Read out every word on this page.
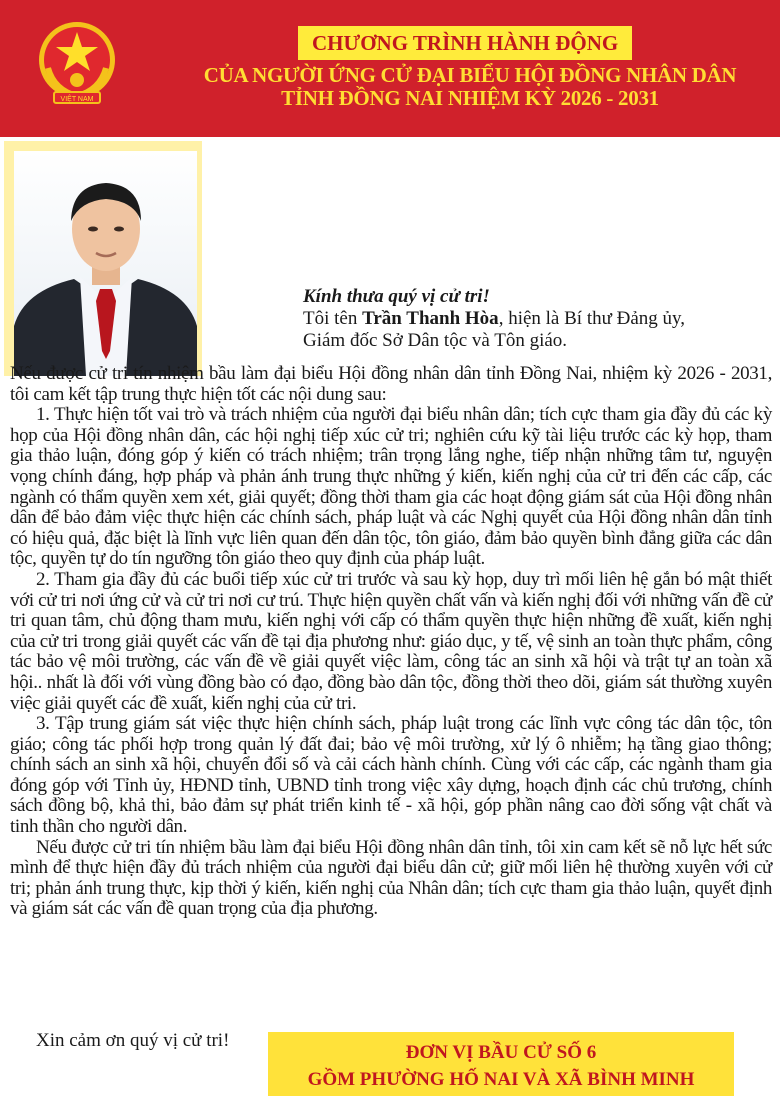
VIỆT NAM
CHƯƠNG TRÌNH HÀNH ĐỘNG
CỦA NGƯỜI ỨNG CỬ ĐẠI BIỂU HỘI ĐỒNG NHÂN DÂN
TỈNH ĐỒNG NAI NHIỆM KỲ 2026 - 2031
Kính thưa quý vị cử tri!
Tôi tên Trần Thanh Hòa, hiện là Bí thư Đảng ủy,
Giám đốc Sở Dân tộc và Tôn giáo.

Nếu được cử tri tín nhiệm bầu làm đại biểu Hội đồng nhân dân tỉnh Đồng Nai, nhiệm kỳ 2026 - 2031, tôi cam kết tập trung thực hiện tốt các nội dung sau:

1. Thực hiện tốt vai trò và trách nhiệm của người đại biểu nhân dân; tích cực tham gia đầy đủ các kỳ họp của Hội đồng nhân dân, các hội nghị tiếp xúc cử tri; nghiên cứu kỹ tài liệu trước các kỳ họp, tham gia thảo luận, đóng góp ý kiến có trách nhiệm; trân trọng lắng nghe, tiếp nhận những tâm tư, nguyện vọng chính đáng, hợp pháp và phản ánh trung thực những ý kiến, kiến nghị của cử tri đến các cấp, các ngành có thẩm quyền xem xét, giải quyết; đồng thời tham gia các hoạt động giám sát của Hội đồng nhân dân để bảo đảm việc thực hiện các chính sách, pháp luật và các Nghị quyết của Hội đồng nhân dân tỉnh có hiệu quả, đặc biệt là lĩnh vực liên quan đến dân tộc, tôn giáo, đảm bảo quyền bình đẳng giữa các dân tộc, quyền tự do tín ngưỡng tôn giáo theo quy định của pháp luật.

2. Tham gia đầy đủ các buổi tiếp xúc cử tri trước và sau kỳ họp, duy trì mối liên hệ gắn bó mật thiết với cử tri nơi ứng cử và cử tri nơi cư trú. Thực hiện quyền chất vấn và kiến nghị đối với những vấn đề cử tri quan tâm, chủ động tham mưu, kiến nghị với cấp có thẩm quyền thực hiện những đề xuất, kiến nghị của cử tri trong giải quyết các vấn đề tại địa phương như: giáo dục, y tế, vệ sinh an toàn thực phẩm, công tác bảo vệ môi trường, các vấn đề về giải quyết việc làm, công tác an sinh xã hội và trật tự an toàn xã hội.. nhất là đối với vùng đồng bào có đạo, đồng bào dân tộc, đồng thời theo dõi, giám sát thường xuyên việc giải quyết các đề xuất, kiến nghị của cử tri.

3. Tập trung giám sát việc thực hiện chính sách, pháp luật trong các lĩnh vực công tác dân tộc, tôn giáo; công tác phối hợp trong quản lý đất đai; bảo vệ môi trường, xử lý ô nhiễm; hạ tầng giao thông; chính sách an sinh xã hội, chuyển đổi số và cải cách hành chính. Cùng với các cấp, các ngành tham gia đóng góp với Tỉnh ủy, HĐND tỉnh, UBND tỉnh trong việc xây dựng, hoạch định các chủ trương, chính sách đồng bộ, khả thi, bảo đảm sự phát triển kinh tế - xã hội, góp phần nâng cao đời sống vật chất và tinh thần cho người dân.

Nếu được cử tri tín nhiệm bầu làm đại biểu Hội đồng nhân dân tỉnh, tôi xin cam kết sẽ nỗ lực hết sức mình để thực hiện đầy đủ trách nhiệm của người đại biểu dân cử; giữ mối liên hệ thường xuyên với cử tri; phản ánh trung thực, kịp thời ý kiến, kiến nghị của Nhân dân; tích cực tham gia thảo luận, quyết định và giám sát các vấn đề quan trọng của địa phương.

Xin cảm ơn quý vị cử tri!
ĐƠN VỊ BẦU CỬ SỐ 6
GỒM PHƯỜNG HỐ NAI VÀ XÃ BÌNH MINH
